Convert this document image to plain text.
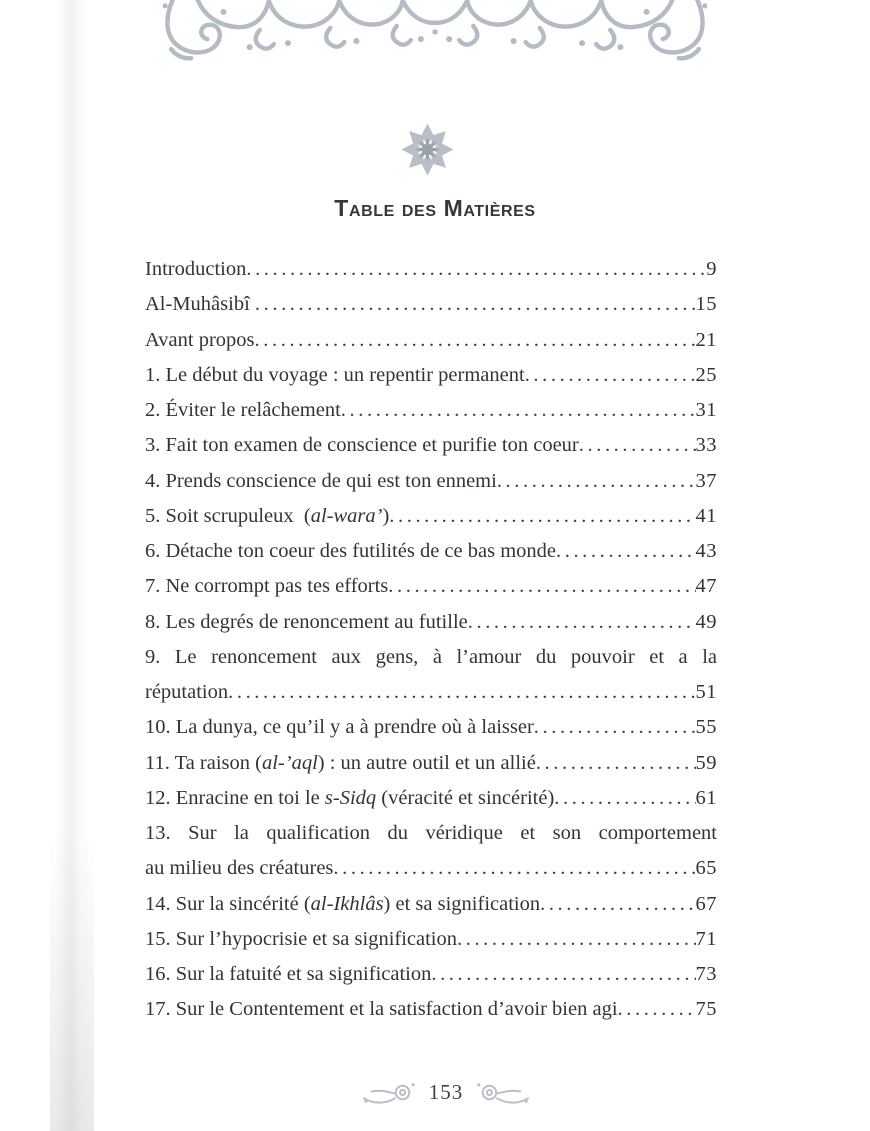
Table des Matières
Introduction .....	9
Al-Muhâsibî .....	15
Avant propos .....	21
1. Le début du voyage : un repentir permanent .....	25
2. Éviter le relâchement .....	31
3. Fait ton examen de conscience et purifie ton coeur .....	33
4. Prends conscience de qui est ton ennemi .....	37
5. Soit scrupuleux  ( al-wara’ ) .....	41
6. Détache ton coeur des futilités de ce bas monde .....	43
7. Ne corrompt pas tes efforts .....	47
8. Les degrés de renoncement au futille .....	49
9. Le renoncement aux gens, à l’amour du pouvoir et a la
réputation .....	51
10. La dunya, ce qu’il y a à prendre où à laisser .....	55
11. Ta raison ( al-’aql ) : un autre outil et un allié .....	59
12. Enracine en toi le s-Sidq (véracité et sincérité) .....	61
13. Sur la qualification du véridique et son comportement
au milieu des créatures .....	65
14. Sur la sincérité ( al-Ikhlâs ) et sa signification .....	67
15. Sur l’hypocrisie et sa signification .....	71
16. Sur la fatuité et sa signification .....	73
17. Sur le Contentement et la satisfaction d’avoir bien agi .....	75
153
